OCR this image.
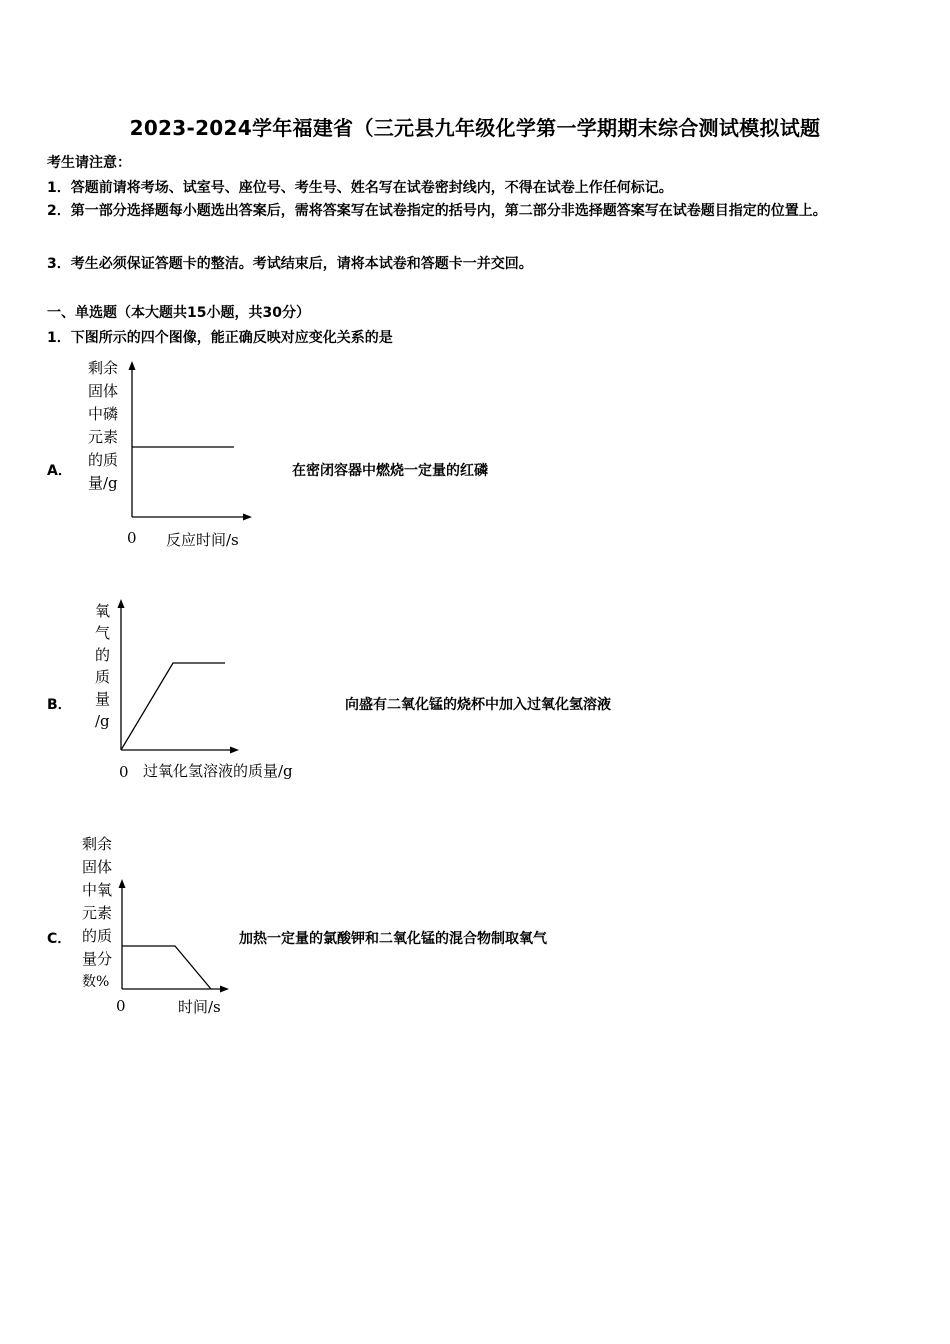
2023-2024学年福建省（三元县九年级化学第一学期期末综合测试模拟试题
考生请注意：
1．答题前请将考场、试室号、座位号、考生号、姓名写在试卷密封线内，不得在试卷上作任何标记。
2．第一部分选择题每小题选出答案后，需将答案写在试卷指定的括号内，第二部分非选择题答案写在试卷题目指定的位置上。
3．考生必须保证答题卡的整洁。考试结束后，请将本试卷和答题卡一并交回。
一、单选题（本大题共15小题，共30分）
1．下图所示的四个图像，能正确反映对应变化关系的是
A．	在密闭容器中燃烧一定量的红磷
剩余
固体
中磷
元素
的质
量/g
0 反应时间/s
B．	向盛有二氧化锰的烧杯中加入过氧化氢溶液
氧
气
的
质
量
/g
0 过氧化氢溶液的质量/g
C．	加热一定量的氯酸钾和二氧化锰的混合物制取氧气
剩余
固体
中氧
元素
的质
量分
数%
0	时间/s
